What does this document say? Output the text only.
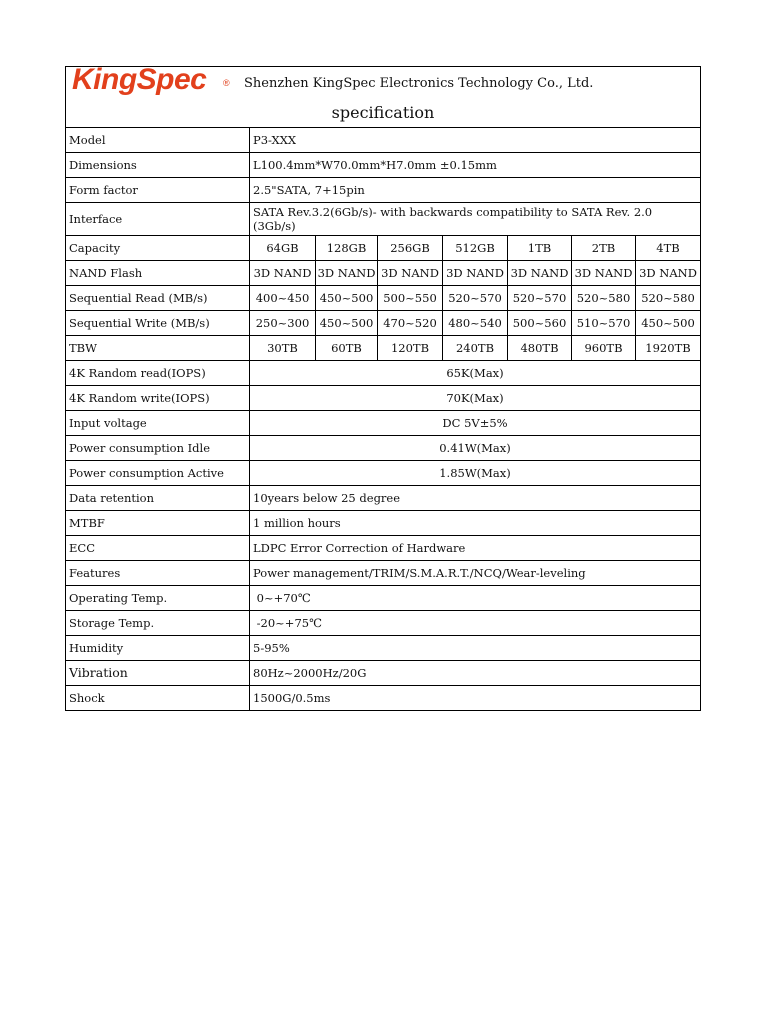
KingSpec ® Shenzhen KingSpec Electronics Technology Co., Ltd.
specification							

Model	P3-XXX						
Dimensions	L100.4mm*W70.0mm*H7.0mm ±0.15mm						
Form factor	2.5"SATA, 7+15pin						
Interface	SATA Rev.3.2(6Gb/s)- with backwards compatibility to SATA Rev. 2.0 (3Gb/s)						
Capacity	64GB	128GB	256GB	512GB	1TB	2TB	4TB
NAND Flash	3D NAND	3D NAND	3D NAND	3D NAND	3D NAND	3D NAND	3D NAND
Sequential Read (MB/s)	400~450	450~500	500~550	520~570	520~570	520~580	520~580
Sequential Write (MB/s)	250~300	450~500	470~520	480~540	500~560	510~570	450~500
TBW	30TB	60TB	120TB	240TB	480TB	960TB	1920TB
4K Random read(IOPS)	65K(Max)						
4K Random write(IOPS)	70K(Max)						
Input voltage	DC 5V±5%						
Power consumption Idle	0.41W(Max)						
Power consumption Active	1.85W(Max)						
Data retention	10years below 25 degree						
MTBF	1 million hours						
ECC	LDPC Error Correction of Hardware						
Features	Power management/TRIM/S.M.A.R.T./NCQ/Wear-leveling						
Operating Temp.	0~+70℃						
Storage Temp.	-20~+75℃						
Humidity	5-95%						
Vibration	80Hz~2000Hz/20G						
Shock	1500G/0.5ms						
